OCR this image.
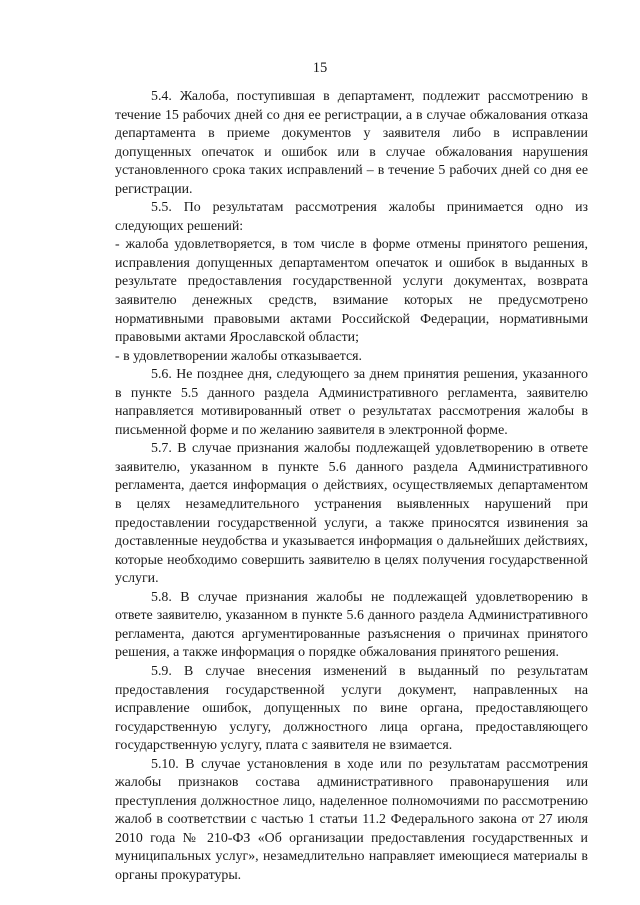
15

5.4. Жалоба, поступившая в департамент, подлежит рассмотрению в течение 15 рабочих дней со дня ее регистрации, а в случае обжалования отказа департамента в приеме документов у заявителя либо в исправлении допущенных опечаток и ошибок или в случае обжалования нарушения установленного срока таких исправлений – в течение 5 рабочих дней со дня ее регистрации.

5.5. По результатам рассмотрения жалобы принимается одно из следующих решений:

- жалоба удовлетворяется, в том числе в форме отмены принятого решения, исправления допущенных департаментом опечаток и ошибок в выданных в результате предоставления государственной услуги документах, возврата заявителю денежных средств, взимание которых не предусмотрено нормативными правовыми актами Российской Федерации, нормативными правовыми актами Ярославской области;

- в удовлетворении жалобы отказывается.

5.6. Не позднее дня, следующего за днем принятия решения, указанного в пункте 5.5 данного раздела Административного регламента, заявителю направляется мотивированный ответ о результатах рассмотрения жалобы в письменной форме и по желанию заявителя в электронной форме.

5.7. В случае признания жалобы подлежащей удовлетворению в ответе заявителю, указанном в пункте 5.6 данного раздела Административного регламента, дается информация о действиях, осуществляемых департаментом в целях незамедлительного устранения выявленных нарушений при предоставлении государственной услуги, а также приносятся извинения за доставленные неудобства и указывается информация о дальнейших действиях, которые необходимо совершить заявителю в целях получения государственной услуги.

5.8. В случае признания жалобы не подлежащей удовлетворению в ответе заявителю, указанном в пункте 5.6 данного раздела Административного регламента, даются аргументированные разъяснения о причинах принятого решения, а также информация о порядке обжалования принятого решения.

5.9. В случае внесения изменений в выданный по результатам предоставления государственной услуги документ, направленных на исправление ошибок, допущенных по вине органа, предоставляющего государственную услугу, должностного лица органа, предоставляющего государственную услугу, плата с заявителя не взимается.

5.10. В случае установления в ходе или по результатам рассмотрения жалобы признаков состава административного правонарушения или преступления должностное лицо, наделенное полномочиями по рассмотрению жалоб в соответствии с частью 1 статьи 11.2 Федерального закона от 27 июля 2010 года № 210-ФЗ «Об организации предоставления государственных и муниципальных услуг», незамедлительно направляет имеющиеся материалы в органы прокуратуры.
